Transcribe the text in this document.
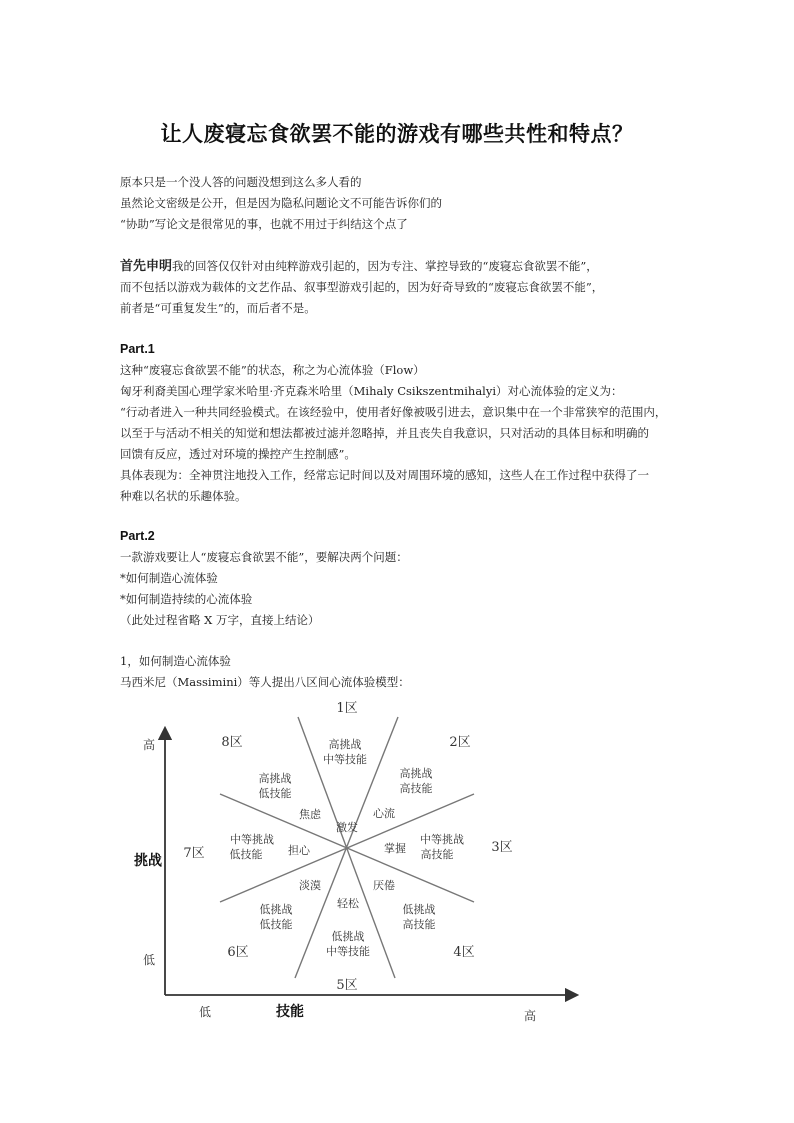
让人废寝忘食欲罢不能的游戏有哪些共性和特点？
原本只是一个没人答的问题没想到这么多人看的
虽然论文密级是公开，但是因为隐私问题论文不可能告诉你们的
“协助”写论文是很常见的事，也就不用过于纠结这个点了
首先申明我的回答仅仅针对由纯粹游戏引起的，因为专注、掌控导致的“废寝忘食欲罢不能”，
而不包括以游戏为载体的文艺作品、叙事型游戏引起的，因为好奇导致的“废寝忘食欲罢不能”，
前者是“可重复发生”的，而后者不是。
Part.1
这种“废寝忘食欲罢不能”的状态，称之为心流体验（Flow）
匈牙利裔美国心理学家米哈里·齐克森米哈里（Mihaly Csikszentmihalyi）对心流体验的定义为：
“行动者进入一种共同经验模式。在该经验中，使用者好像被吸引进去，意识集中在一个非常狭窄的范围内，
以至于与活动不相关的知觉和想法都被过滤并忽略掉，并且丧失自我意识，只对活动的具体目标和明确的
回馈有反应，透过对环境的操控产生控制感”。
具体表现为：全神贯注地投入工作，经常忘记时间以及对周围环境的感知，这些人在工作过程中获得了一
种难以名状的乐趣体验。
Part.2
一款游戏要让人“废寝忘食欲罢不能”，要解决两个问题：
*如何制造心流体验
*如何制造持续的心流体验
（此处过程省略 X 万字，直接上结论）
1，如何制造心流体验
马西米尼（Massimini）等人提出八区间心流体验模型：
高
低
挑战
低	高
技能
1区
2区
3区
4区
5区
6区
7区
8区	高挑战
中等技能
高挑战
高技能
中等挑战
高技能
低挑战
高技能
低挑战
中等技能
低挑战
低技能
中等挑战
低技能
高挑战
低技能
激发
心流
掌握
厌倦
轻松
淡漠
担心
焦虑
